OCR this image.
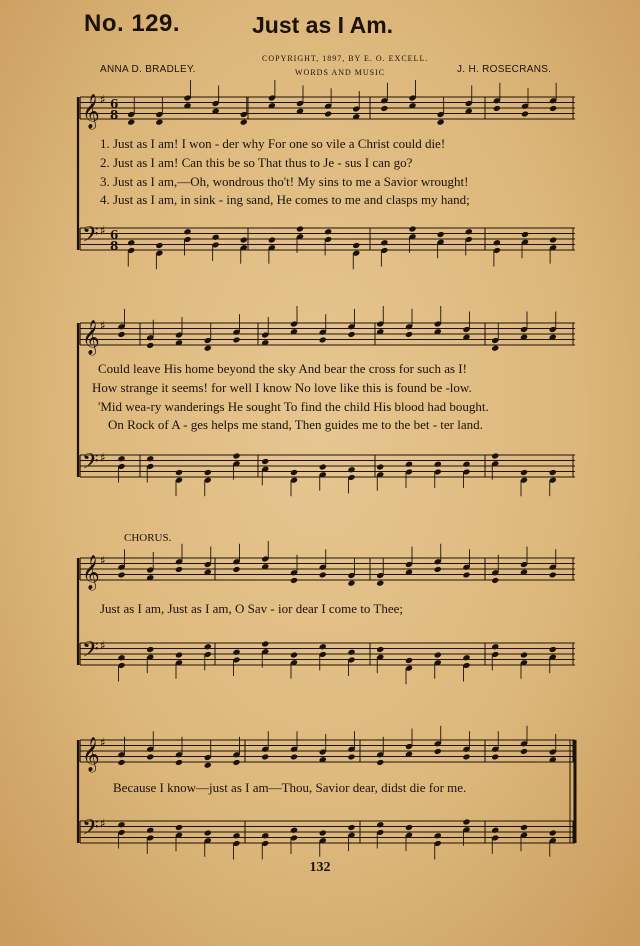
𝄞 ♯ 6
8
𝄢 ♯ 6
8
𝄞 ♯
𝄢 ♯
𝄞 ♯
𝄢 ♯
𝄞 ♯
𝄢 ♯
No. 129.	Just as I Am.
COPYRIGHT, 1897, BY E. O. EXCELL.
WORDS AND MUSIC
ANNA D. BRADLEY.	J. H. ROSECRANS.
1. Just as I am! I won - der why For one so vile a Christ could die!
2. Just as I am! Can this be so That thus to Je - sus I can go?
3. Just as I am,—Oh, wondrous tho't! My sins to me a Savior wrought!
4. Just as I am, in sink - ing sand, He comes to me and clasps my hand;
Could leave His home beyond the sky And bear the cross for such as I!
How strange it seems! for well I know No love like this is found be -low.
'Mid wea-ry wanderings He sought To find the child His blood had bought.
On Rock of A - ges helps me stand, Then guides me to the bet - ter land.
CHORUS.
Just as I am, Just as I am, O Sav - ior dear I come to Thee;
Because I know—just as I am—Thou, Savior dear, didst die for me.
132
